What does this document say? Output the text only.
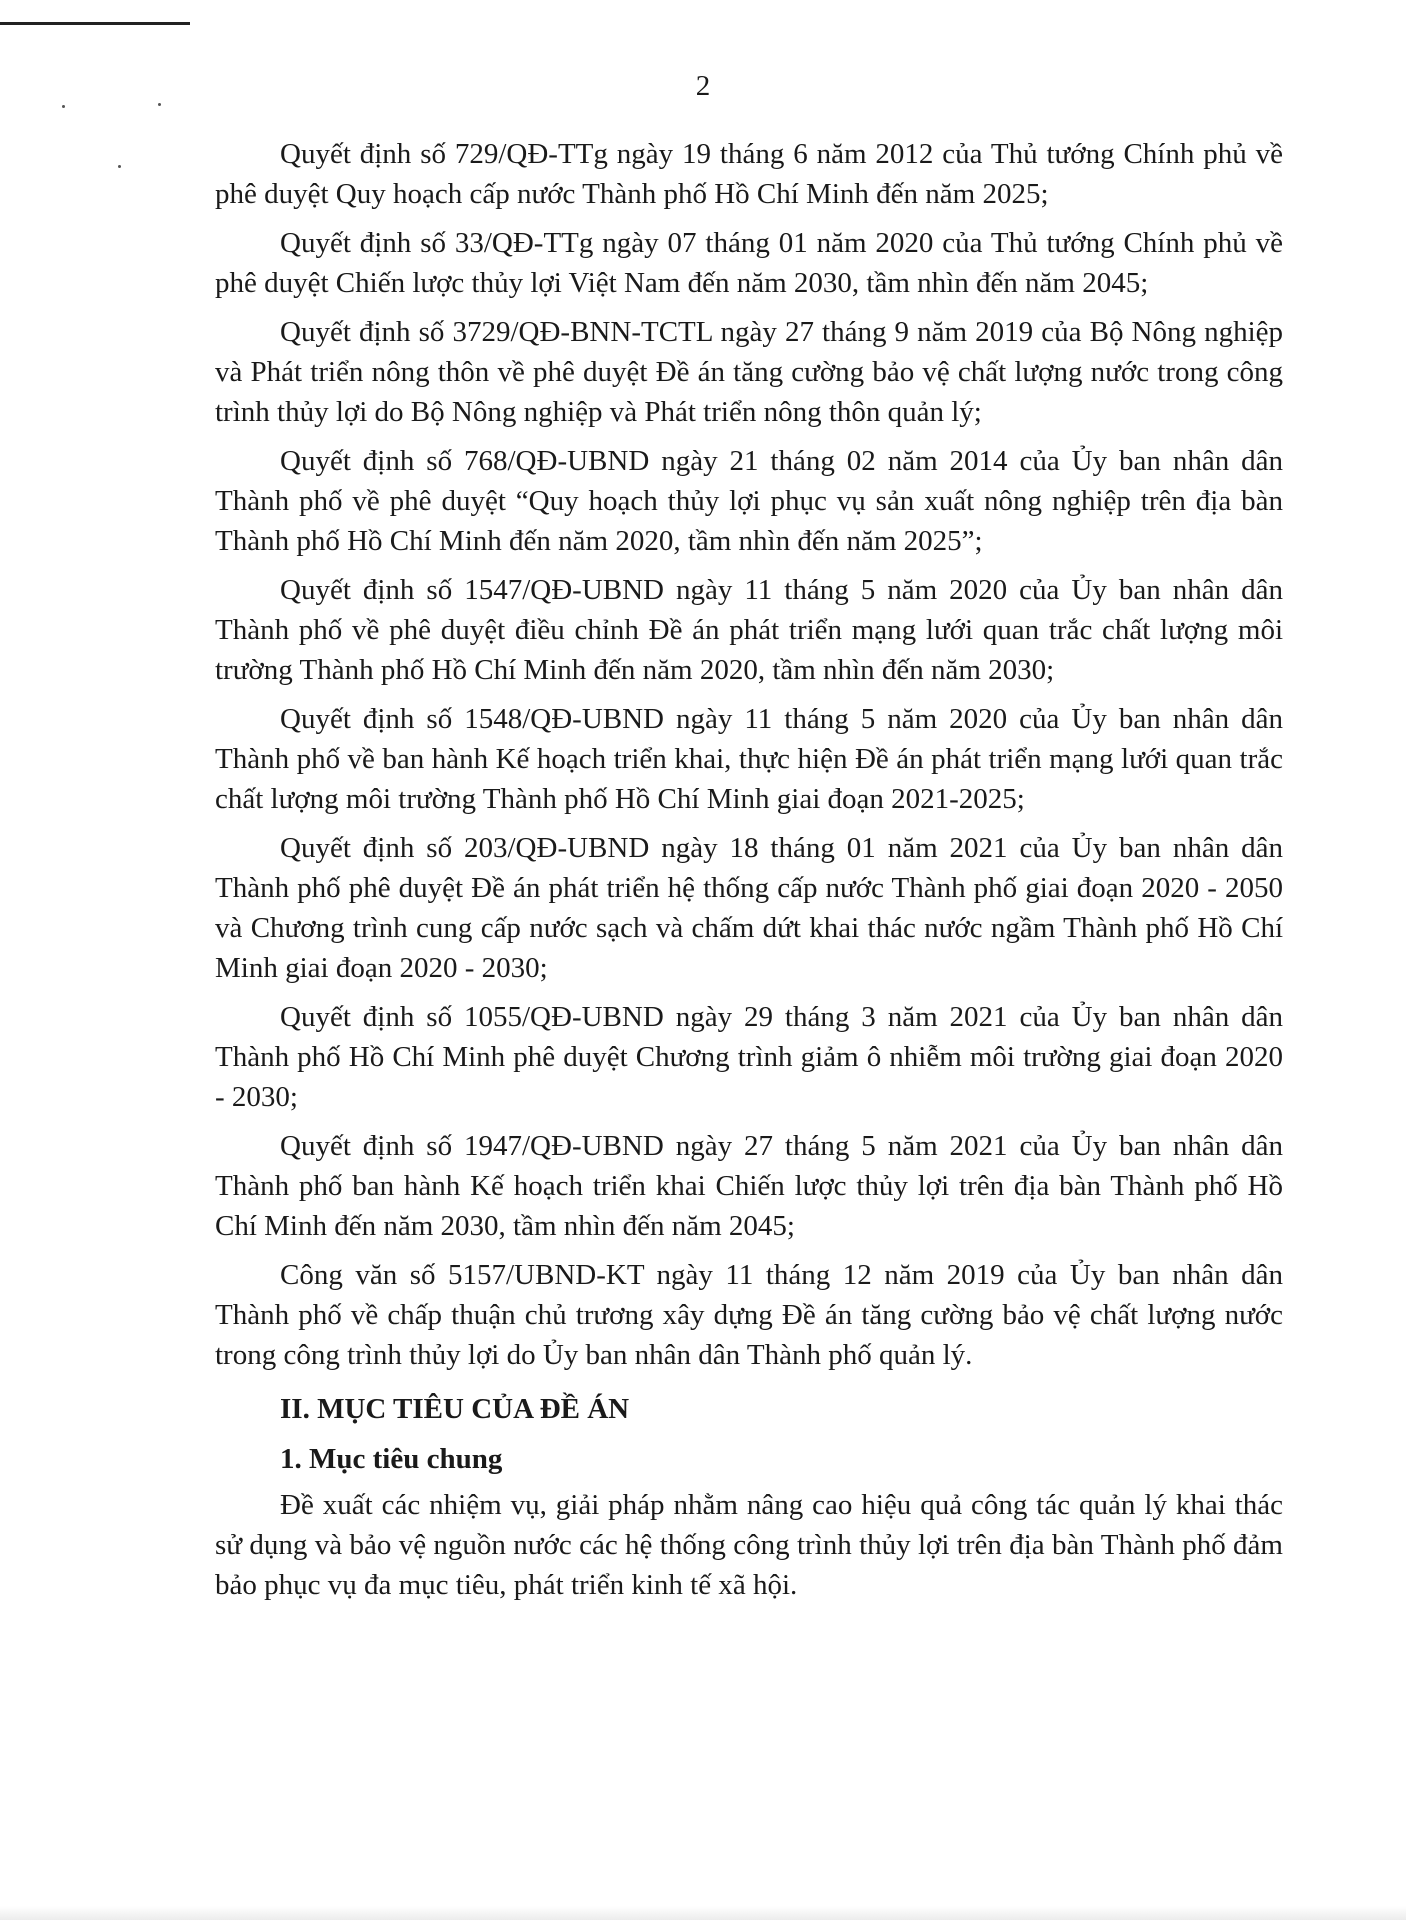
2

Quyết định số 729/QĐ-TTg ngày 19 tháng 6 năm 2012 của Thủ tướng Chính phủ về phê duyệt Quy hoạch cấp nước Thành phố Hồ Chí Minh đến năm 2025;

Quyết định số 33/QĐ-TTg ngày 07 tháng 01 năm 2020 của Thủ tướng Chính phủ về phê duyệt Chiến lược thủy lợi Việt Nam đến năm 2030, tầm nhìn đến năm 2045;

Quyết định số 3729/QĐ-BNN-TCTL ngày 27 tháng 9 năm 2019 của Bộ Nông nghiệp và Phát triển nông thôn về phê duyệt Đề án tăng cường bảo vệ chất lượng nước trong công trình thủy lợi do Bộ Nông nghiệp và Phát triển nông thôn quản lý;

Quyết định số 768/QĐ-UBND ngày 21 tháng 02 năm 2014 của Ủy ban nhân dân Thành phố về phê duyệt “Quy hoạch thủy lợi phục vụ sản xuất nông nghiệp trên địa bàn Thành phố Hồ Chí Minh đến năm 2020, tầm nhìn đến năm 2025”;

Quyết định số 1547/QĐ-UBND ngày 11 tháng 5 năm 2020 của Ủy ban nhân dân Thành phố về phê duyệt điều chỉnh Đề án phát triển mạng lưới quan trắc chất lượng môi trường Thành phố Hồ Chí Minh đến năm 2020, tầm nhìn đến năm 2030;

Quyết định số 1548/QĐ-UBND ngày 11 tháng 5 năm 2020 của Ủy ban nhân dân Thành phố về ban hành Kế hoạch triển khai, thực hiện Đề án phát triển mạng lưới quan trắc chất lượng môi trường Thành phố Hồ Chí Minh giai đoạn 2021-2025;

Quyết định số 203/QĐ-UBND ngày 18 tháng 01 năm 2021 của Ủy ban nhân dân Thành phố phê duyệt Đề án phát triển hệ thống cấp nước Thành phố giai đoạn 2020 - 2050 và Chương trình cung cấp nước sạch và chấm dứt khai thác nước ngầm Thành phố Hồ Chí Minh giai đoạn 2020 - 2030;

Quyết định số 1055/QĐ-UBND ngày 29 tháng 3 năm 2021 của Ủy ban nhân dân Thành phố Hồ Chí Minh phê duyệt Chương trình giảm ô nhiễm môi trường giai đoạn 2020 - 2030;

Quyết định số 1947/QĐ-UBND ngày 27 tháng 5 năm 2021 của Ủy ban nhân dân Thành phố ban hành Kế hoạch triển khai Chiến lược thủy lợi trên địa bàn Thành phố Hồ Chí Minh đến năm 2030, tầm nhìn đến năm 2045;

Công văn số 5157/UBND-KT ngày 11 tháng 12 năm 2019 của Ủy ban nhân dân Thành phố về chấp thuận chủ trương xây dựng Đề án tăng cường bảo vệ chất lượng nước trong công trình thủy lợi do Ủy ban nhân dân Thành phố quản lý.

II. MỤC TIÊU CỦA ĐỀ ÁN

1. Mục tiêu chung

Đề xuất các nhiệm vụ, giải pháp nhằm nâng cao hiệu quả công tác quản lý khai thác sử dụng và bảo vệ nguồn nước các hệ thống công trình thủy lợi trên địa bàn Thành phố đảm bảo phục vụ đa mục tiêu, phát triển kinh tế xã hội.
